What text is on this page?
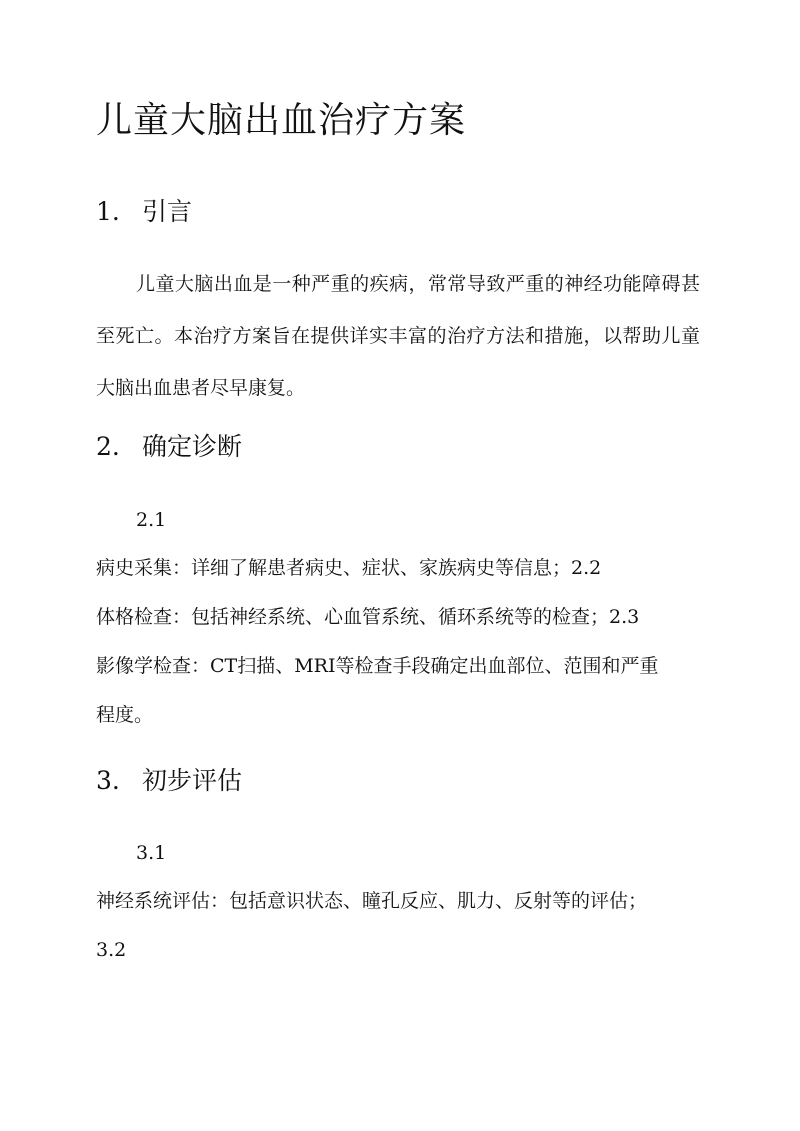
儿童大脑出血治疗方案
1. 引言
儿童大脑出血是一种严重的疾病，常常导致严重的神经功能障碍甚至死亡。本治疗方案旨在提供详实丰富的治疗方法和措施，以帮助儿童大脑出血患者尽早康复。
2. 确定诊断
2.1
病史采集：详细了解患者病史、症状、家族病史等信息；2.2
体格检查：包括神经系统、心血管系统、循环系统等的检查；2.3
影像学检查：CT扫描、MRI等检查手段确定出血部位、范围和严重
程度。
3. 初步评估
3.1
神经系统评估：包括意识状态、瞳孔反应、肌力、反射等的评估；
3.2
